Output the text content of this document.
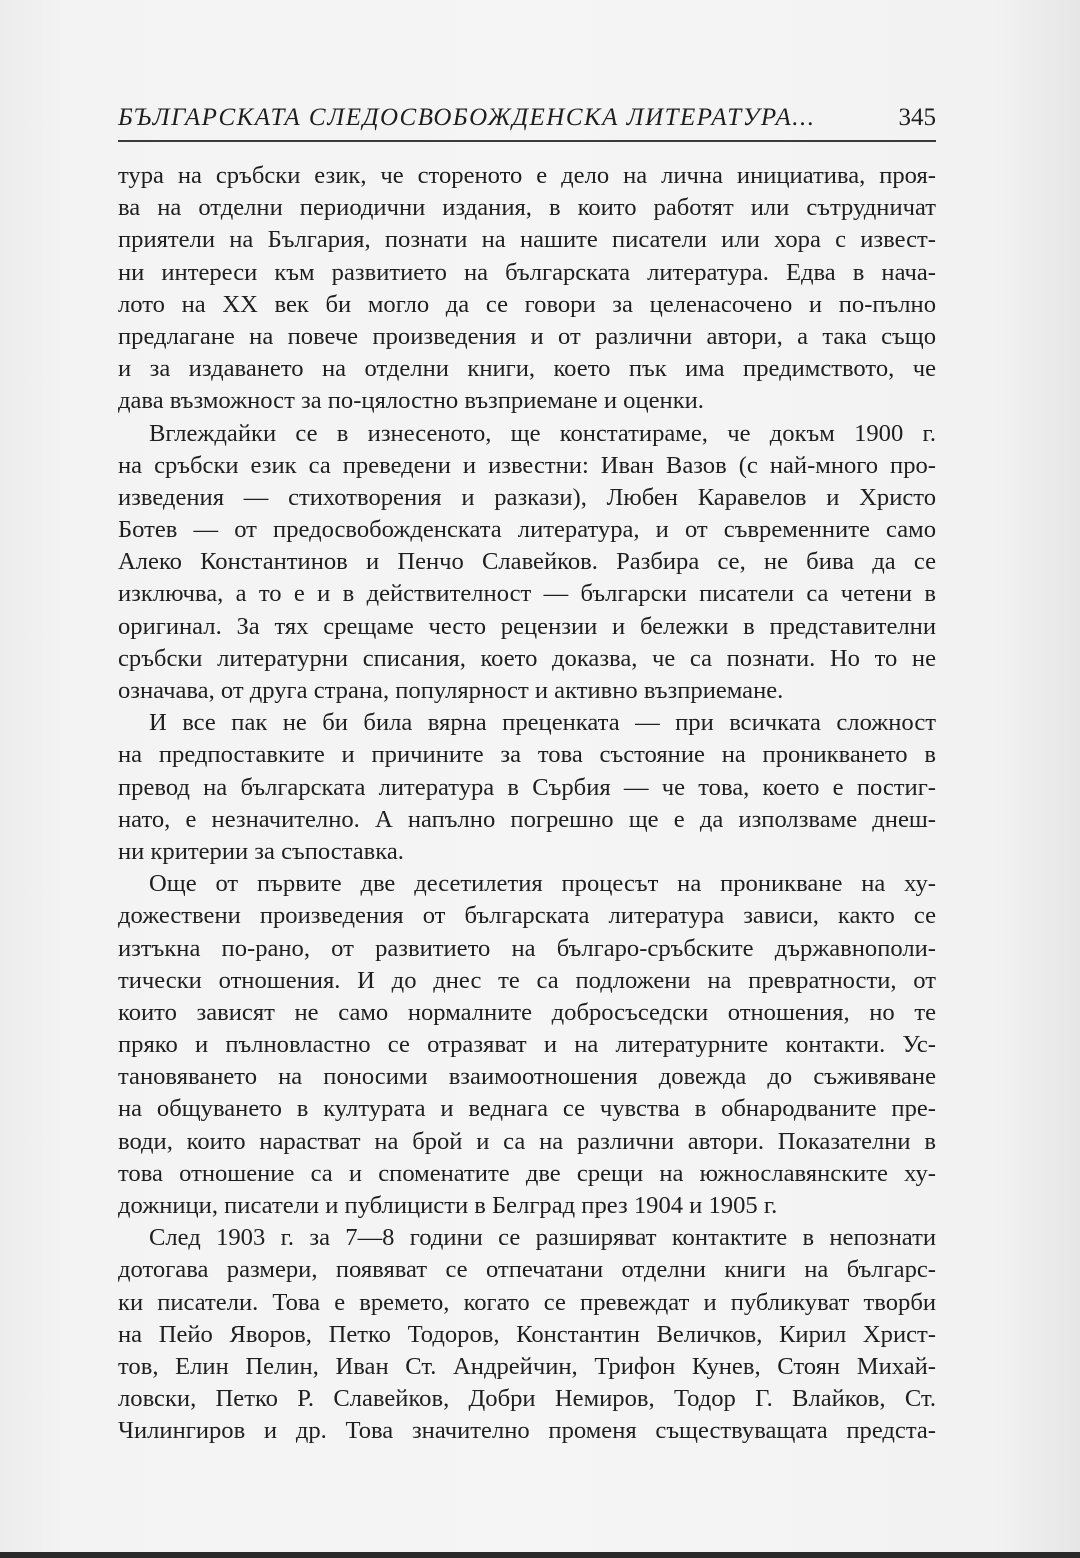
БЪЛГАРСКАТА СЛЕДОСВОБОЖДЕНСКА ЛИТЕРАТУРА...	345
тура на сръбски език, че стореното е дело на лична инициатива, проя-
ва на отделни периодични издания, в които работят или сътрудничат
приятели на България, познати на нашите писатели или хора с извест-
ни интереси към развитието на българската литература. Едва в нача-
лото на XX век би могло да се говори за целенасочено и по-пълно
предлагане на повече произведения и от различни автори, а така също
и за издаването на отделни книги, което пък има предимството, че
дава възможност за по-цялостно възприемане и оценки.
Вглеждайки се в изнесеното, ще констатираме, че докъм 1900 г.
на сръбски език са преведени и известни: Иван Вазов (с най-много про-
изведения — стихотворения и разкази), Любен Каравелов и Христо
Ботев — от предосвобожденската литература, и от съвременните само
Алеко Константинов и Пенчо Славейков. Разбира се, не бива да се
изключва, а то е и в действителност — български писатели са четени в
оригинал. За тях срещаме често рецензии и бележки в представителни
сръбски литературни списания, което доказва, че са познати. Но то не
означава, от друга страна, популярност и активно възприемане.
И все пак не би била вярна преценката — при всичката сложност
на предпоставките и причините за това състояние на проникването в
превод на българската литература в Сърбия — че това, което е постиг-
нато, е незначително. А напълно погрешно ще е да използваме днеш-
ни критерии за съпоставка.
Още от първите две десетилетия процесът на проникване на ху-
дожествени произведения от българската литература зависи, както се
изтъкна по-рано, от развитието на българо-сръбските държавнополи-
тически отношения. И до днес те са подложени на превратности, от
които зависят не само нормалните добросъседски отношения, но те
пряко и пълновластно се отразяват и на литературните контакти. Ус-
тановяването на поносими взаимоотношения довежда до съживяване
на общуването в културата и веднага се чувства в обнародваните пре-
води, които нарастват на брой и са на различни автори. Показателни в
това отношение са и споменатите две срещи на южнославянските ху-
дожници, писатели и публицисти в Белград през 1904 и 1905 г.
След 1903 г. за 7—8 години се разширяват контактите в непознати
дотогава размери, появяват се отпечатани отделни книги на българс-
ки писатели. Това е времето, когато се превеждат и публикуват творби
на Пейо Яворов, Петко Тодоров, Константин Величков, Кирил Христ-
тов, Елин Пелин, Иван Ст. Андрейчин, Трифон Кунев, Стоян Михай-
ловски, Петко Р. Славейков, Добри Немиров, Тодор Г. Влайков, Ст.
Чилингиров и др. Това значително променя съществуващата предста-
